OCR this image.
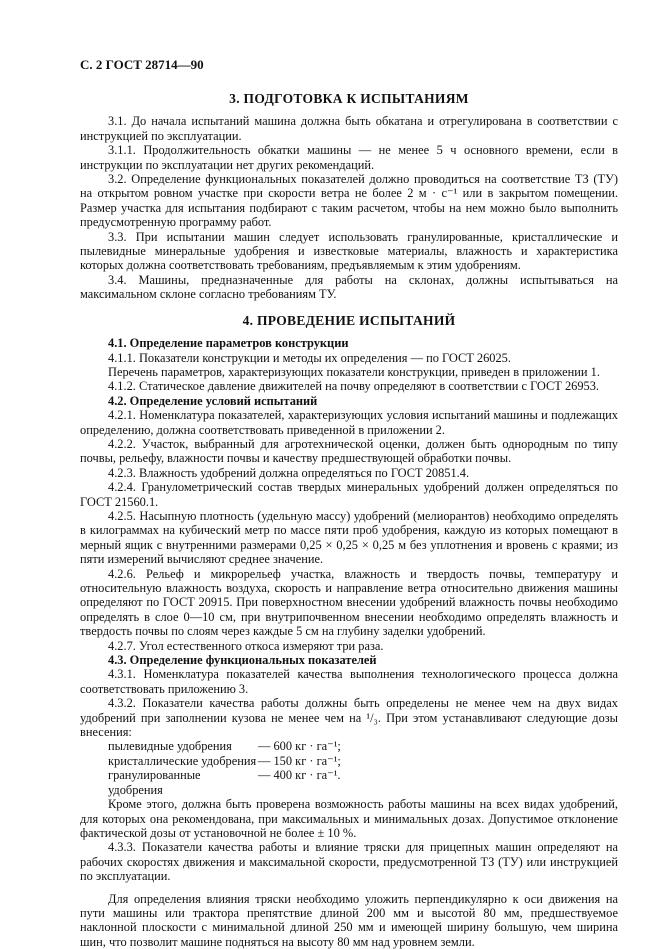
С. 2 ГОСТ 28714—90
3. ПОДГОТОВКА К ИСПЫТАНИЯМ

3.1. До начала испытаний машина должна быть обкатана и отрегулирована в соответствии с инструкцией по эксплуатации.

3.1.1. Продолжительность обкатки машины — не менее 5 ч основного времени, если в инструкции по эксплуатации нет других рекомендаций.

3.2. Определение функциональных показателей должно проводиться на соответствие ТЗ (ТУ) на открытом ровном участке при скорости ветра не более 2 м · с⁻¹ или в закрытом помещении. Размер участка для испытания подбирают с таким расчетом, чтобы на нем можно было выполнить предусмотренную программу работ.

3.3. При испытании машин следует использовать гранулированные, кристаллические и пылевидные минеральные удобрения и известковые материалы, влажность и характеристика которых должна соответствовать требованиям, предъявляемым к этим удобрениям.

3.4. Машины, предназначенные для работы на склонах, должны испытываться на максимальном склоне согласно требованиям ТУ.

4. ПРОВЕДЕНИЕ ИСПЫТАНИЙ

4.1. Определение параметров конструкции

4.1.1. Показатели конструкции и методы их определения — по ГОСТ 26025.

Перечень параметров, характеризующих показатели конструкции, приведен в приложении 1.

4.1.2. Статическое давление движителей на почву определяют в соответствии с ГОСТ 26953.

4.2. Определение условий испытаний

4.2.1. Номенклатура показателей, характеризующих условия испытаний машины и подлежащих определению, должна соответствовать приведенной в приложении 2.

4.2.2. Участок, выбранный для агротехнической оценки, должен быть однородным по типу почвы, рельефу, влажности почвы и качеству предшествующей обработки почвы.

4.2.3. Влажность удобрений должна определяться по ГОСТ 20851.4.

4.2.4. Гранулометрический состав твердых минеральных удобрений должен определяться по ГОСТ 21560.1.

4.2.5. Насыпную плотность (удельную массу) удобрений (мелиорантов) необходимо определять в килограммах на кубический метр по массе пяти проб удобрения, каждую из которых помещают в мерный ящик с внутренними размерами 0,25 × 0,25 × 0,25 м без уплотнения и вровень с краями; из пяти измерений вычисляют среднее значение.

4.2.6. Рельеф и микрорельеф участка, влажность и твердость почвы, температуру и относительную влажность воздуха, скорость и направление ветра относительно движения машины определяют по ГОСТ 20915. При поверхностном внесении удобрений влажность почвы необходимо определять в слое 0—10 см, при внутрипочвенном внесении необходимо определять влажность и твердость почвы по слоям через каждые 5 см на глубину заделки удобрений.

4.2.7. Угол естественного откоса измеряют три раза.

4.3. Определение функциональных показателей

4.3.1. Номенклатура показателей качества выполнения технологического процесса должна соответствовать приложению 3.

4.3.2. Показатели качества работы должны быть определены не менее чем на двух видах удобрений при заполнении кузова не менее чем на ¹/₃. При этом устанавливают следующие дозы внесения:

пылевидные удобрения	— 600 кг · га⁻¹;
кристаллические удобрения — 150 кг · га⁻¹;
гранулированные удобрения
— 400 кг · га⁻¹.

Кроме этого, должна быть проверена возможность работы машины на всех видах удобрений, для которых она рекомендована, при максимальных и минимальных дозах. Допустимое отклонение фактической дозы от установочной не более ± 10 %.

4.3.3. Показатели качества работы и влияние тряски для прицепных машин определяют на рабочих скоростях движения и максимальной скорости, предусмотренной ТЗ (ТУ) или инструкцией по эксплуатации.

Для определения влияния тряски необходимо уложить перпендикулярно к оси движения на пути машины или трактора препятствие длиной 200 мм и высотой 80 мм, предшествуемое наклонной плоскости с минимальной длиной 250 мм и имеющей ширину большую, чем ширина шин, что позволит машине подняться на высоту 80 мм над уровнем земли.
